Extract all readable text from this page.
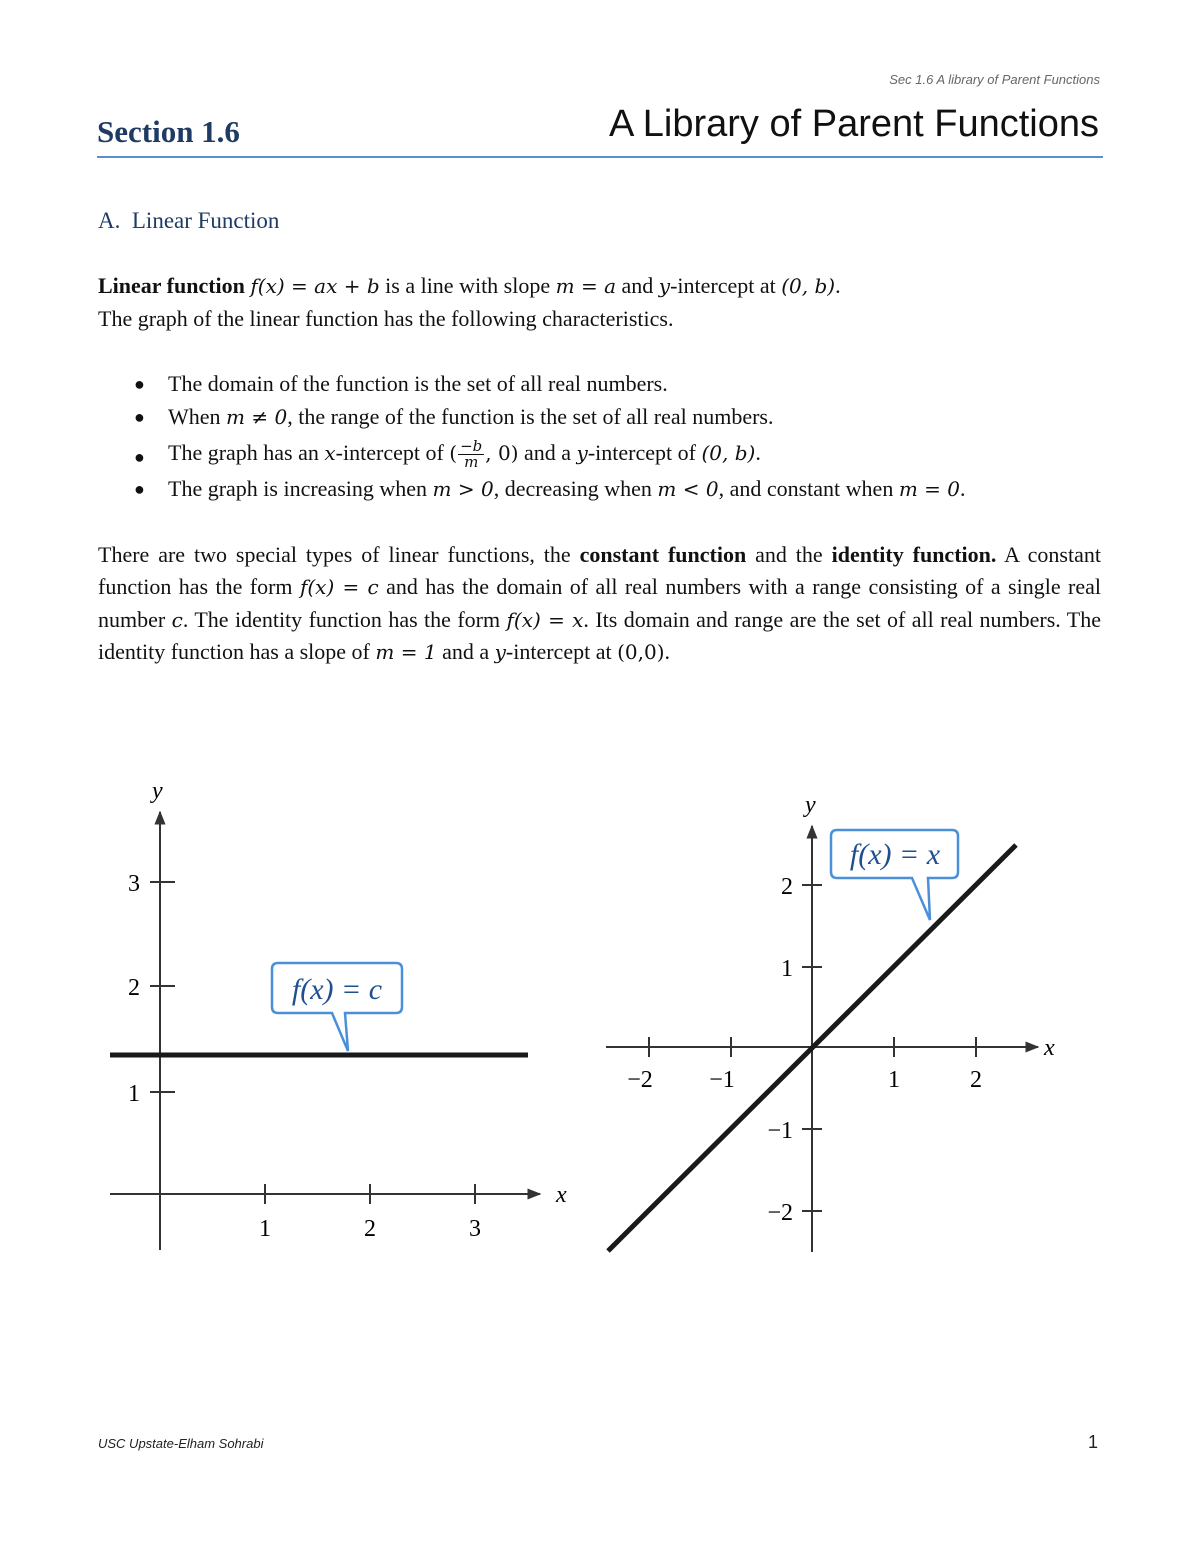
Sec 1.6 A library of Parent Functions
Section 1.6	A Library of Parent Functions
A. Linear Function

Linear function f(x) = ax + b is a line with slope m = a and y-intercept at (0, b).
The graph of the linear function has the following characteristics.

● The domain of the function is the set of all real numbers.
● When m ≠ 0, the range of the function is the set of all real numbers.
● The graph has an x-intercept of ( $\frac{-b}{m}$ , 0) and a y-intercept of (0, b).
● The graph is increasing when m > 0, decreasing when m < 0, and constant when m = 0.

There are two special types of linear functions, the constant function and the identity function. A constant function has the form f(x) = c and has the domain of all real numbers with a range consisting of a single real number c. The identity function has the form f(x) = x. Its domain and range are the set of all real numbers. The identity function has a slope of m = 1 and a y-intercept at (0,0).

x
y
1	2	3
1
2
3
f(x) = c
x
y
−2 −1	1	2
−2
−1
1
2
f(x) = x
USC Upstate-Elham Sohrabi	1
